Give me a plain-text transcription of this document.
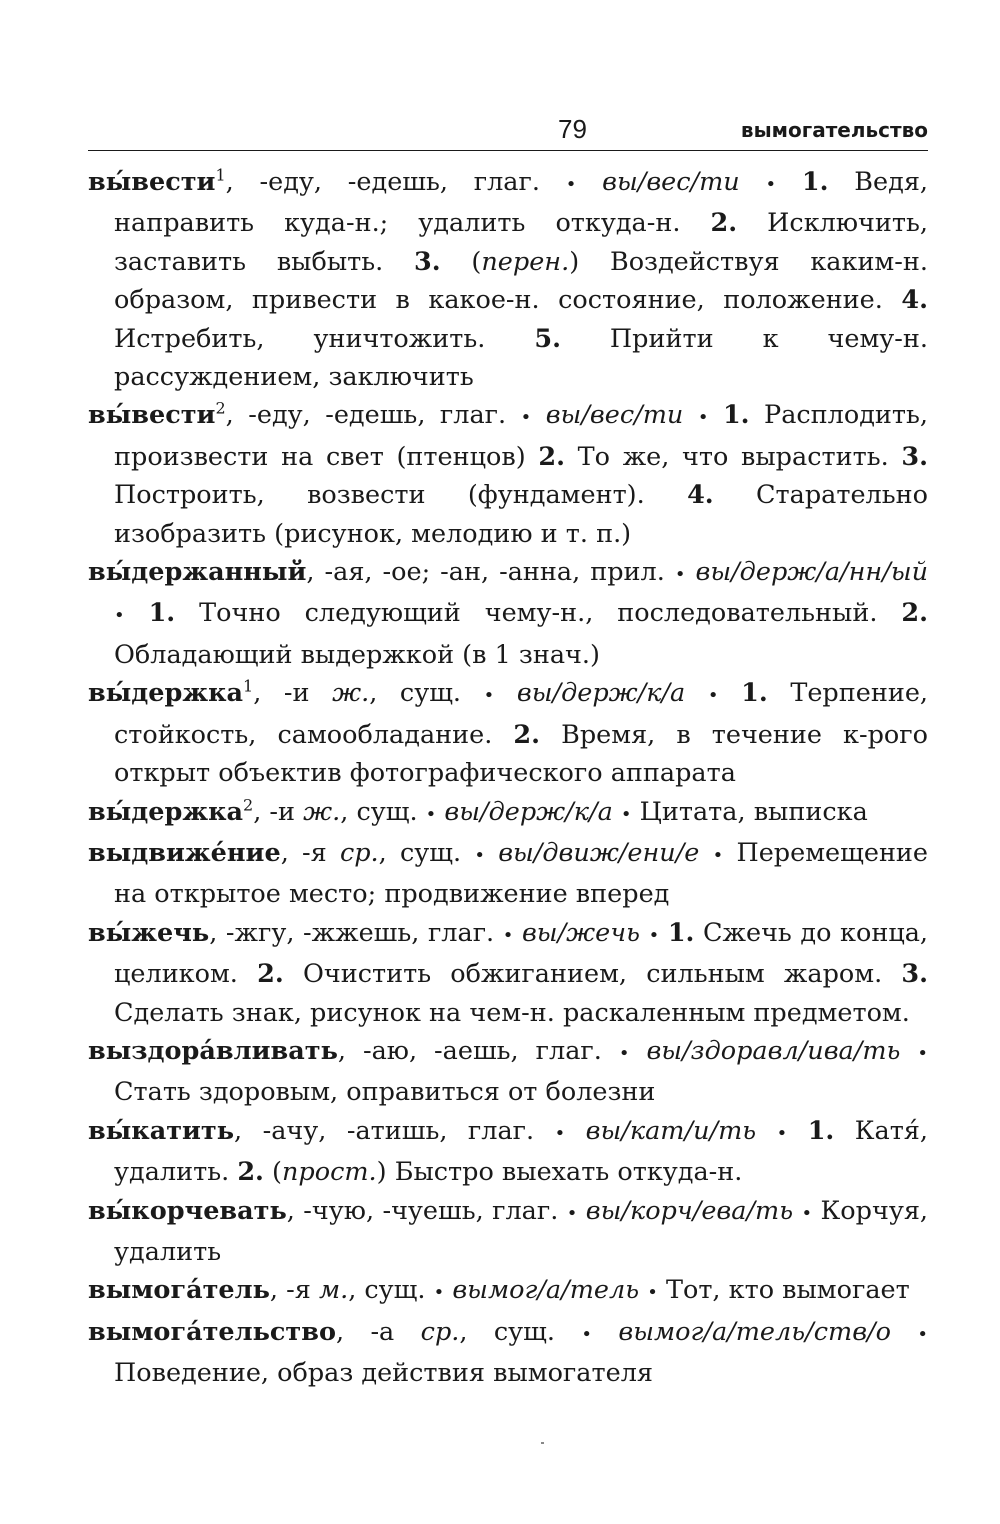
79	вымогательство
вы́вести$^1$, -еду, -едешь, глаг. • вы/вес/ти • 1. Ведя, направить куда-н.; удалить откуда-н. 2. Исключить, заставить выбыть. 3. (перен.) Воздействуя каким-н. образом, привести в какое-н. состояние, положение. 4. Истребить, уничтожить. 5. Прийти к чему-н. рассуждением, заключить
вы́вести$^2$, -еду, -едешь, глаг. • вы/вес/ти • 1. Расплодить, произвести на свет (птенцов) 2. То же, что вырастить. 3. Построить, возвести (фундамент). 4. Старательно изобразить (рисунок, мелодию и т. п.)
вы́держанный, -ая, -ое; -ан, -анна, прил. • вы/держ/а/нн/ый • 1. Точно следующий чему-н., последовательный. 2. Обладающий выдержкой (в 1 знач.)
вы́держка$^1$, -и ж., сущ. • вы/держ/к/а • 1. Терпение, стойкость, самообладание. 2. Время, в течение к-рого открыт объектив фотографического аппарата
вы́держка$^2$, -и ж., сущ. • вы/держ/к/а • Цитата, выписка
выдвиже́ние, -я ср., сущ. • вы/движ/ени/е • Перемещение на открытое место; продвижение вперед
вы́жечь, -жгу, -жжешь, глаг. • вы/жечь • 1. Сжечь до конца, целиком. 2. Очистить обжиганием, сильным жаром. 3. Сделать знак, рисунок на чем-н. раскаленным предметом.
выздора́вливать, -аю, -аешь, глаг. • вы/здоравл/ива/ть • Стать здоровым, оправиться от болезни
вы́катить, -ачу, -атишь, глаг. • вы/кат/и/ть • 1. Катя́, удалить. 2. (прост.) Быстро выехать откуда-н.
вы́корчевать, -чую, -чуешь, глаг. • вы/корч/ева/ть • Корчуя, удалить
вымога́тель, -я м., сущ. • вымог/а/тель • Тот, кто вымогает
вымога́тельство, -а ср., сущ. • вымог/а/тель/ств/о • Поведение, образ действия вымогателя
